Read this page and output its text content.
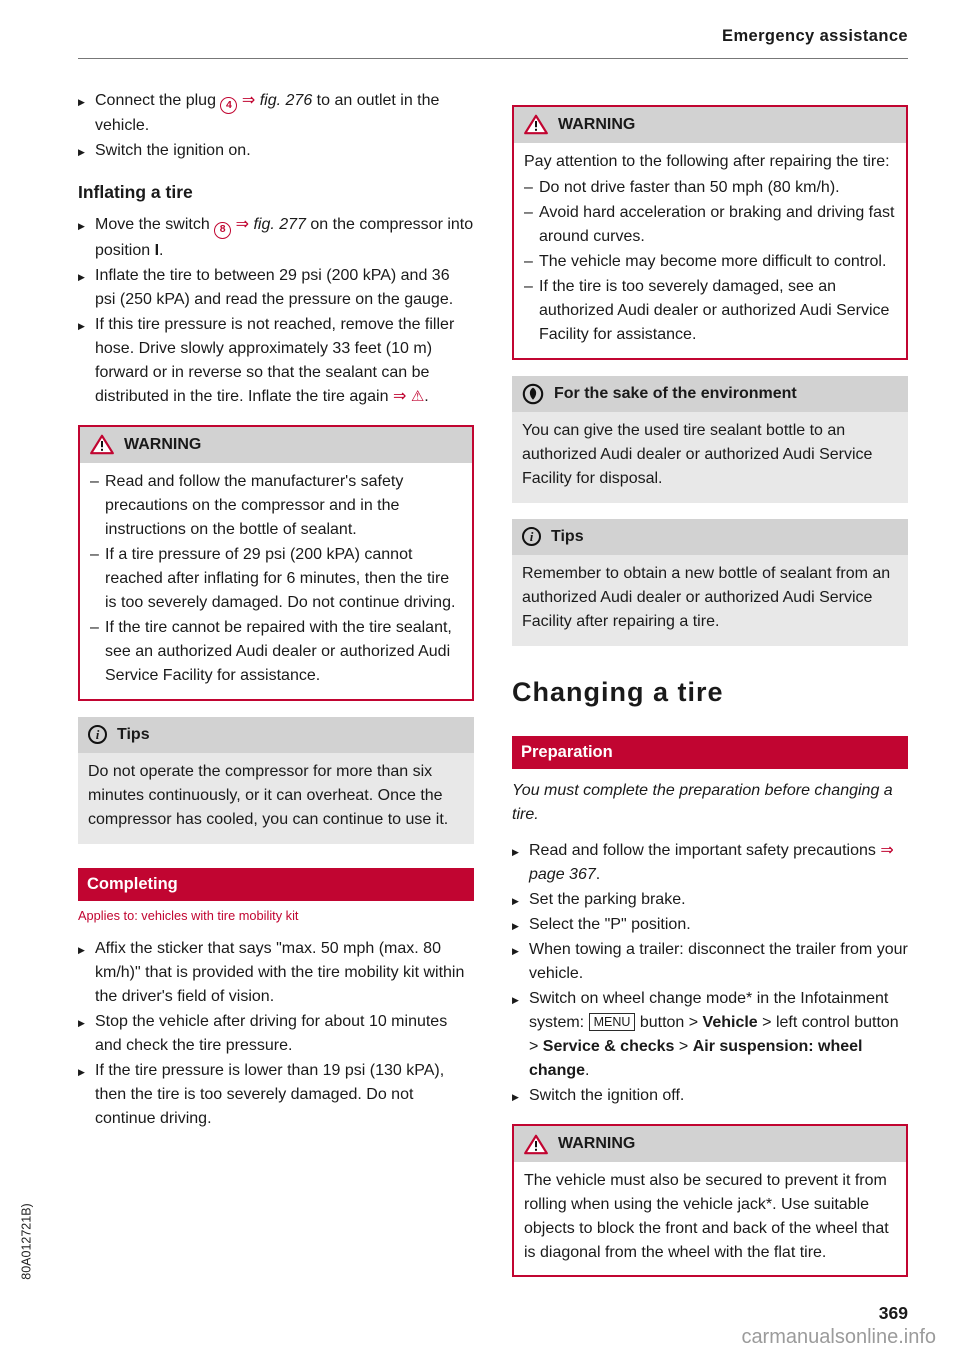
Emergency assistance
▶ Connect the plug 4 ⇒ fig. 276 to an outlet in the vehicle.
▶ Switch the ignition on.
Inflating a tire
▶ Move the switch 8 ⇒ fig. 277 on the compressor into position I.
▶ Inflate the tire to between 29 psi (200 kPA) and 36 psi (250 kPA) and read the pressure on the gauge.
▶ If this tire pressure is not reached, remove the filler hose. Drive slowly approximately 33 feet (10 m) forward or in reverse so that the sealant can be distributed in the tire. Inflate the tire again ⇒ ⚠.
WARNING
– Read and follow the manufacturer's safety precautions on the compressor and in the instructions on the bottle of sealant.
– If a tire pressure of 29 psi (200 kPA) cannot reached after inflating for 6 minutes, then the tire is too severely damaged. Do not continue driving.
– If the tire cannot be repaired with the tire sealant, see an authorized Audi dealer or authorized Audi Service Facility for assistance.
i Tips

Do not operate the compressor for more than six minutes continuously, or it can overheat. Once the compressor has cooled, you can continue to use it.

Completing
Applies to: vehicles with tire mobility kit
▶ Affix the sticker that says "max. 50 mph (max. 80 km/h)" that is provided with the tire mobility kit within the driver's field of vision.
▶ Stop the vehicle after driving for about 10 minutes and check the tire pressure.
▶ If the tire pressure is lower than 19 psi (130 kPA), then the tire is too severely damaged. Do not continue driving.
WARNING

Pay attention to the following after repairing the tire:

– Do not drive faster than 50 mph (80 km/h).
– Avoid hard acceleration or braking and driving fast around curves.
– The vehicle may become more difficult to control.
– If the tire is too severely damaged, see an authorized Audi dealer or authorized Audi Service Facility for assistance.
For the sake of the environment

You can give the used tire sealant bottle to an authorized Audi dealer or authorized Audi Service Facility for disposal.

i Tips

Remember to obtain a new bottle of sealant from an authorized Audi dealer or authorized Audi Service Facility after repairing a tire.

Changing a tire
Preparation

You must complete the preparation before changing a tire.

▶ Read and follow the important safety precautions ⇒ page 367.
▶ Set the parking brake.
▶ Select the "P" position.
▶ When towing a trailer: disconnect the trailer from your vehicle.
▶ Switch on wheel change mode* in the Infotainment system: MENU button > Vehicle > left control button > Service & checks > Air suspension: wheel change.
▶ Switch the ignition off.
WARNING

The vehicle must also be secured to prevent it from rolling when using the vehicle jack*. Use suitable objects to block the front and back of the wheel that is diagonal from the wheel with the flat tire.

369
carmanualsonline.info
80A012721B)
